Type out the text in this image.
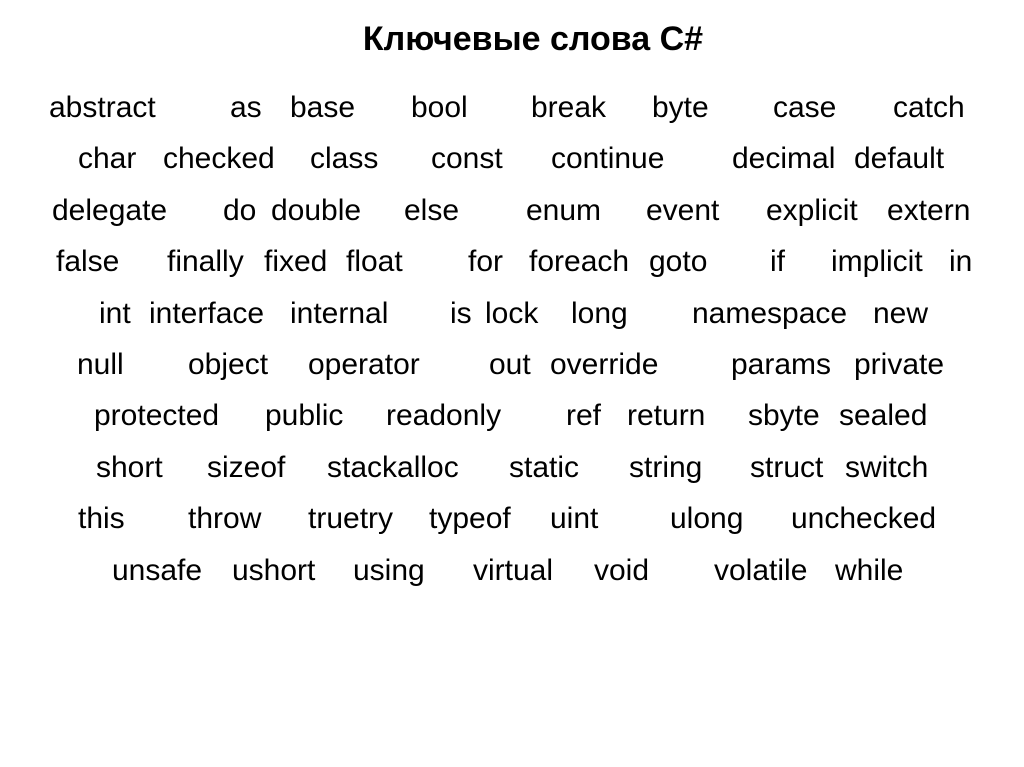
Ключевые слова C#
abstract as base bool break byte case catch
char checked class const continue decimal default
delegate do double else enum event explicit extern
false finally fixed float for foreach goto if implicit in
int interface internal is lock long namespace new
null object operator out override params private
protected public readonly ref return sbyte sealed
short sizeof stackalloc static string struct switch
this throw truetry typeof uint ulong unchecked
unsafe ushort using virtual void volatile while
